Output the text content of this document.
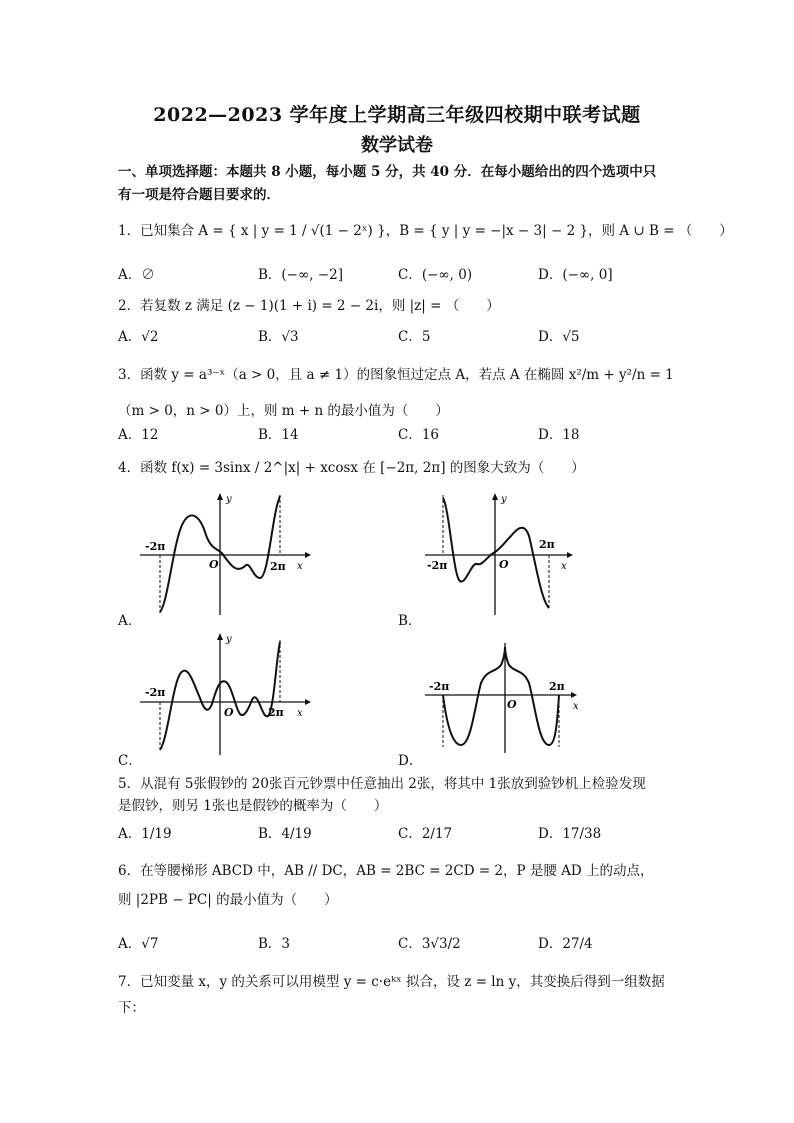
2022—2023 学年度上学期高三年级四校期中联考试题
数学试卷
一、单项选择题：本题共 8 小题，每小题 5 分，共 40 分．在每小题给出的四个选项中只
有一项是符合题目要求的．
1．已知集合 A = { x | y = 1 / √(1 − 2ˣ) }，B = { y | y = −|x − 3| − 2 }，则 A ∪ B = （　　）
A．∅	B．(−∞, −2]	C．(−∞, 0)	D．(−∞, 0]
2．若复数 z 满足 (z − 1)(1 + i) = 2 − 2i，则 |z| = （　　）
A．√2	B．√3	C．5	D．√5
3．函数 y = a³⁻ˣ（a > 0，且 a ≠ 1）的图象恒过定点 A，若点 A 在椭圆 x²/m + y²/n = 1
（m > 0，n > 0）上，则 m + n 的最小值为（　　）
A．12	B．14	C．16	D．18
4．函数 f(x) = 3sinx / 2^|x| + xcosx 在 [−2π, 2π] 的图象大致为（　　）
-2π
2π
O	x
y
A．
-2π
2π
O	x
y
B．
-2π
2π
O	x
y
C．
-2π	2π
O	x
D．
5．从混有 5张假钞的 20张百元钞票中任意抽出 2张，将其中 1张放到验钞机上检验发现
是假钞，则另 1张也是假钞的概率为（　　）
A．1/19	B．4/19	C．2/17	D．17/38
6．在等腰梯形 ABCD 中，AB // DC，AB = 2BC = 2CD = 2，P 是腰 AD 上的动点，
则 |2PB − PC| 的最小值为（　　）
A．√7	B．3	C．3√3/2	D．27/4
7．已知变量 x，y 的关系可以用模型 y = c·eᵏˣ 拟合，设 z = ln y，其变换后得到一组数据
下：
